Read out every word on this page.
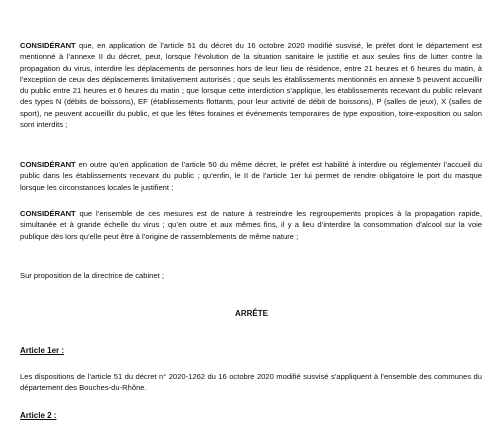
CONSIDÉRANT que, en application de l’article 51 du décret du 16 octobre 2020 modifié susvisé, le préfet dont le département est mentionné à l’annexe II du décret, peut, lorsque l’évolution de la situation sanitaire le justifie et aux seules fins de lutter contre la propagation du virus, interdire les déplacements de personnes hors de leur lieu de résidence, entre 21 heures et 6 heures du matin, à l’exception de ceux des déplacements limitativement autorisés ; que seuls les établissements mentionnés en annexe 5 peuvent accueillir du public entre 21 heures et 6 heures du matin ; que lorsque cette interdiction s’applique, les établissements recevant du public relevant des types N (débits de boissons), EF (établissements flottants, pour leur activité de débit de boissons), P (salles de jeux), X (salles de sport), ne peuvent accueillir du public, et que les fêtes foraines et événements temporaires de type exposition, toire-exposition ou salon sont interdits ;

CONSIDÉRANT en outre qu’en application de l’article 50 du même décret, le préfet est habilité à interdire ou réglementer l’accueil du public dans les établissements recevant du public ; qu’enfin, le II de l’article 1er lui permet de rendre obligatoire le port du masque lorsque les circonstances locales le justifient ;

CONSIDÉRANT que l’ensemble de ces mesures est de nature à restreindre les regroupements propices à la propagation rapide, simultanée et à grande échelle du virus ; qu’en outre et aux mêmes fins, il y a lieu d’interdire la consommation d’alcool sur la voie publique dès lors qu’elle peut être à l’origine de rassemblements de même nature ;

Sur proposition de la directrice de cabinet ;

ARRÊTE

Article 1er :

Les dispositions de l’article 51 du décret n° 2020-1262 du 16 octobre 2020 modifié susvisé s’appliquent à l’ensemble des communes du département des Bouches-du-Rhône.

Article 2 :
